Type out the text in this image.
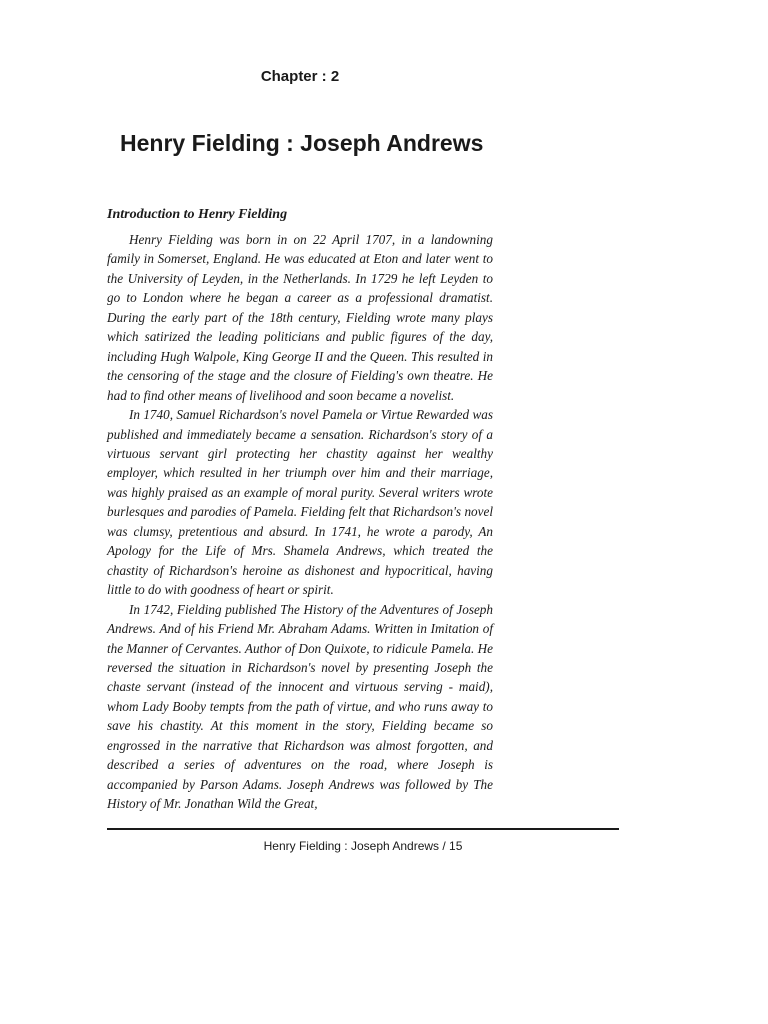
Chapter : 2
Henry Fielding : Joseph Andrews
Introduction to Henry Fielding

Henry Fielding was born in on 22 April 1707, in a landowning family in Somerset, England. He was educated at Eton and later went to the University of Leyden, in the Netherlands. In 1729 he left Leyden to go to London where he began a career as a professional dramatist. During the early part of the 18th century, Fielding wrote many plays which satirized the leading politicians and public figures of the day, including Hugh Walpole, King George II and the Queen. This resulted in the censoring of the stage and the closure of Fielding's own theatre. He had to find other means of livelihood and soon became a novelist.

In 1740, Samuel Richardson's novel Pamela or Virtue Rewarded was published and immediately became a sensation. Richardson's story of a virtuous servant girl protecting her chastity against her wealthy employer, which resulted in her triumph over him and their marriage, was highly praised as an example of moral purity. Several writers wrote burlesques and parodies of Pamela. Fielding felt that Richardson's novel was clumsy, pretentious and absurd. In 1741, he wrote a parody, An Apology for the Life of Mrs. Shamela Andrews, which treated the chastity of Richardson's heroine as dishonest and hypocritical, having little to do with goodness of heart or spirit.

In 1742, Fielding published The History of the Adventures of Joseph Andrews. And of his Friend Mr. Abraham Adams. Written in Imitation of the Manner of Cervantes. Author of Don Quixote, to ridicule Pamela. He reversed the situation in Richardson's novel by presenting Joseph the chaste servant (instead of the innocent and virtuous serving - maid), whom Lady Booby tempts from the path of virtue, and who runs away to save his chastity. At this moment in the story, Fielding became so engrossed in the narrative that Richardson was almost forgotten, and described a series of adventures on the road, where Joseph is accompanied by Parson Adams. Joseph Andrews was followed by The History of Mr. Jonathan Wild the Great,

Henry Fielding : Joseph Andrews / 15
